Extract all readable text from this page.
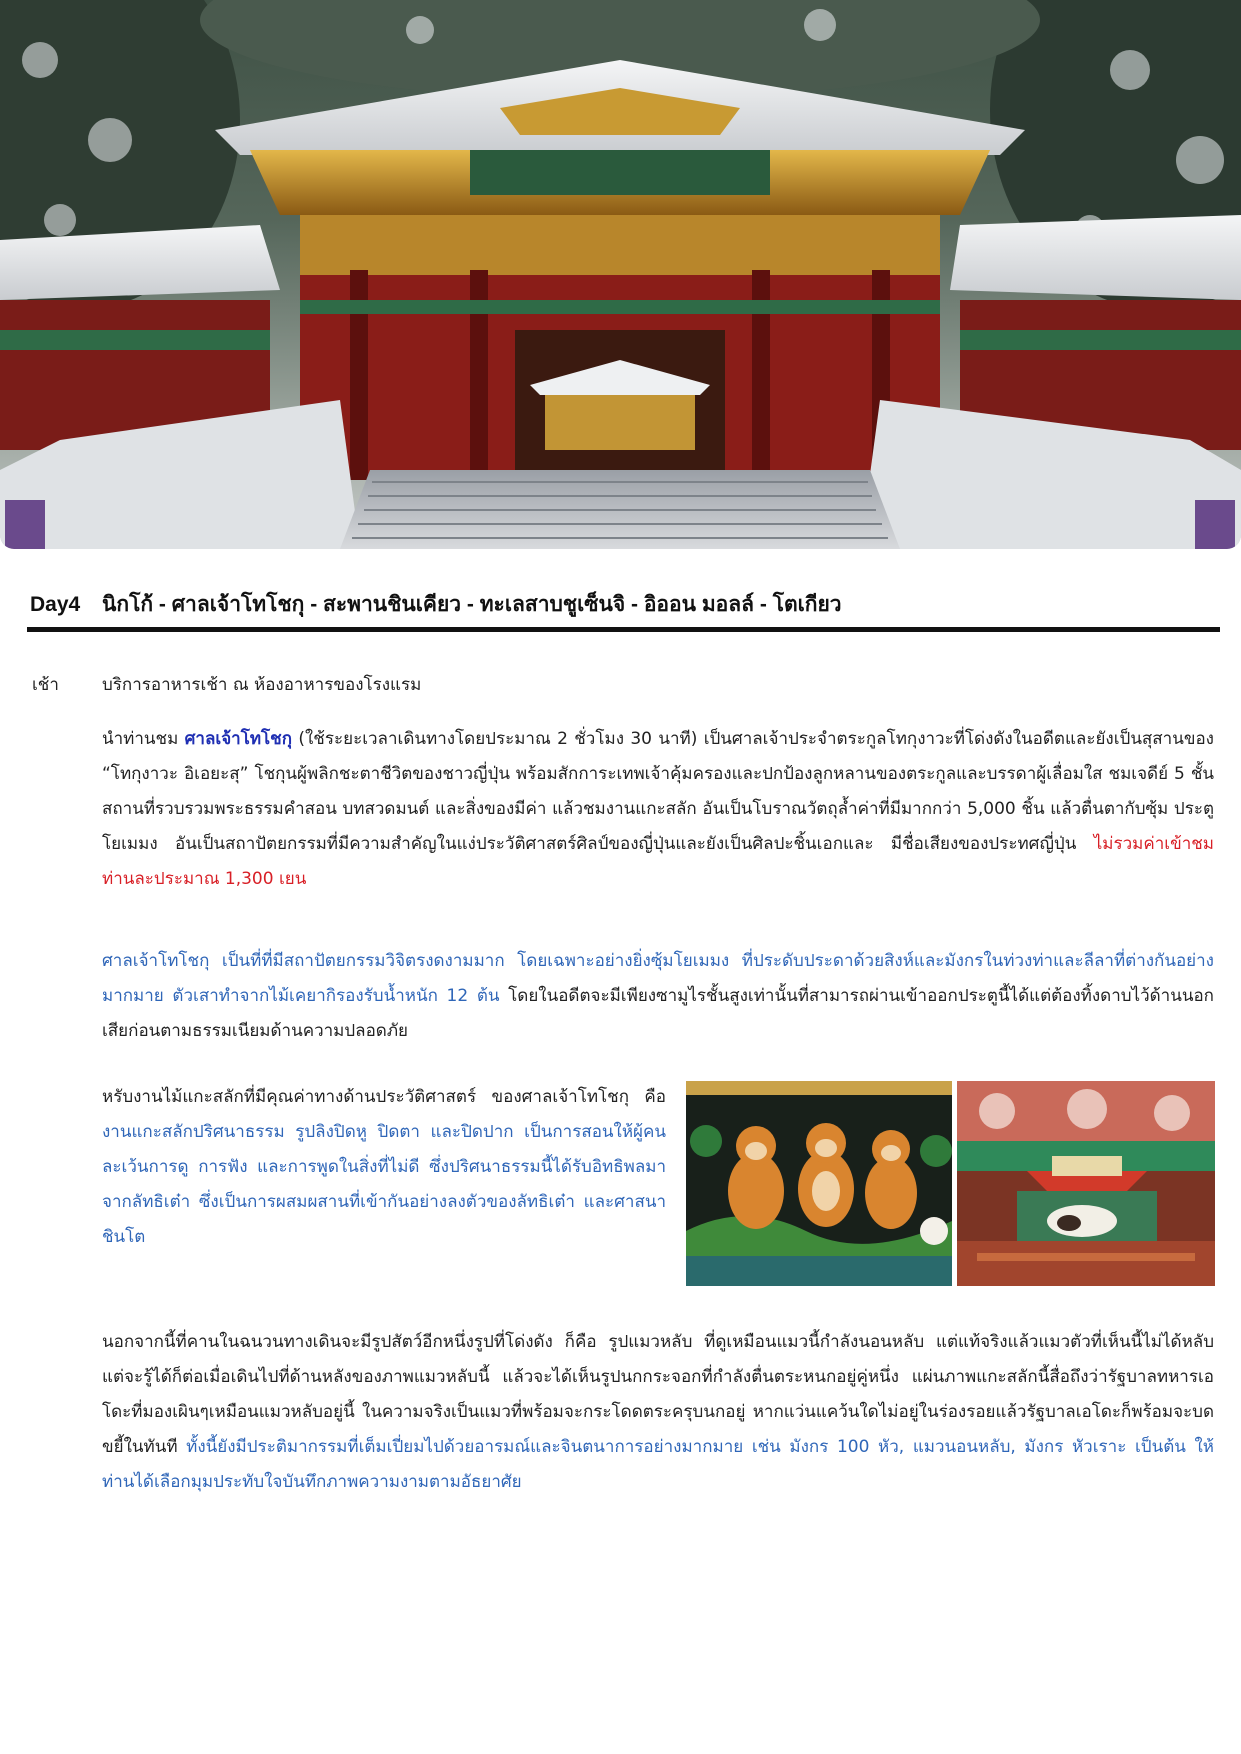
Day4	นิกโก้ - ศาลเจ้าโทโชกุ - สะพานชินเคียว - ทะเลสาบชูเซ็นจิ - อิออน มอลล์ - โตเกียว
เช้า	บริการอาหารเช้า ณ ห้องอาหารของโรงแรม

นำท่านชม ศาลเจ้าโทโชกุ (ใช้ระยะเวลาเดินทางโดยประมาณ 2 ชั่วโมง 30 นาที) เป็นศาลเจ้าประจำตระกูลโทกุงาวะที่โด่งดังในอดีตและยังเป็นสุสานของ “โทกุงาวะ อิเอยะสุ” โชกุนผู้พลิกชะตาชีวิตของชาวญี่ปุ่น พร้อมสักการะเทพเจ้าคุ้มครองและปกป้องลูกหลานของตระกูลและบรรดาผู้เลื่อมใส ชมเจดีย์ 5 ชั้น สถานที่รวบรวมพระธรรมคำสอน บทสวดมนต์ และสิ่งของมีค่า แล้วชมงานแกะสลัก อันเป็นโบราณวัตถุล้ำค่าที่มีมากกว่า 5,000 ชิ้น แล้วตื่นตากับซุ้ม ประตูโยเมมง อันเป็นสถาปัตยกรรมที่มีความสำคัญในแง่ประวัติศาสตร์ศิลป์ของญี่ปุ่นและยังเป็นศิลปะชิ้นเอกและ มีชื่อเสียงของประทศญี่ปุ่น ไม่รวมค่าเข้าชม ท่านละประมาณ 1,300 เยน

ศาลเจ้าโทโชกุ เป็นที่ที่มีสถาปัตยกรรมวิจิตรงดงามมาก โดยเฉพาะอย่างยิ่งซุ้มโยเมมง ที่ประดับประดาด้วยสิงห์และมังกรในท่วงท่าและลีลาที่ต่างกันอย่างมากมาย ตัวเสาทำจากไม้เคยากิรองรับน้ำหนัก 12 ต้น โดยในอดีตจะมีเพียงซามูไรชั้นสูงเท่านั้นที่สามารถผ่านเข้าออกประตูนี้ได้แต่ต้องทิ้งดาบไว้ด้านนอกเสียก่อนตามธรรมเนียมด้านความปลอดภัย

หรับงานไม้แกะสลักที่มีคุณค่าทางด้านประวัติศาสตร์ ของศาลเจ้าโทโชกุ คือ งานแกะสลักปริศนาธรรม รูปลิงปิดหู ปิดตา และปิดปาก เป็นการสอนให้ผู้คนละเว้นการดู การฟัง และการพูดในสิ่งที่ไม่ดี ซึ่งปริศนาธรรมนี้ได้รับอิทธิพลมาจากลัทธิเต๋า ซึ่งเป็นการผสมผสานที่เข้ากันอย่างลงตัวของลัทธิเต๋า และศาสนาชินโต

นอกจากนี้ที่คานในฉนวนทางเดินจะมีรูปสัตว์อีกหนึ่งรูปที่โด่งดัง ก็คือ รูปแมวหลับ ที่ดูเหมือนแมวนี้กำลังนอนหลับ แต่แท้จริงแล้วแมวตัวที่เห็นนี้ไม่ได้หลับ แต่จะรู้ได้ก็ต่อเมื่อเดินไปที่ด้านหลังของภาพแมวหลับนี้ แล้วจะได้เห็นรูปนกกระจอกที่กำลังตื่นตระหนกอยู่คู่หนึ่ง แผ่นภาพแกะสลักนี้สื่อถึงว่ารัฐบาลทหารเอโดะที่มองเผินๆเหมือนแมวหลับอยู่นี้ ในความจริงเป็นแมวที่พร้อมจะกระโดดตระครุบนกอยู่ หากแว่นแคว้นใดไม่อยู่ในร่องรอยแล้วรัฐบาลเอโดะก็พร้อมจะบด ขยี้ในทันที ทั้งนี้ยังมีประติมากรรมที่เต็มเปี่ยมไปด้วยอารมณ์และจินตนาการอย่างมากมาย เช่น มังกร 100 หัว, แมวนอนหลับ, มังกร หัวเราะ เป็นต้น ให้ท่านได้เลือกมุมประทับใจบันทึกภาพความงามตามอัธยาศัย
